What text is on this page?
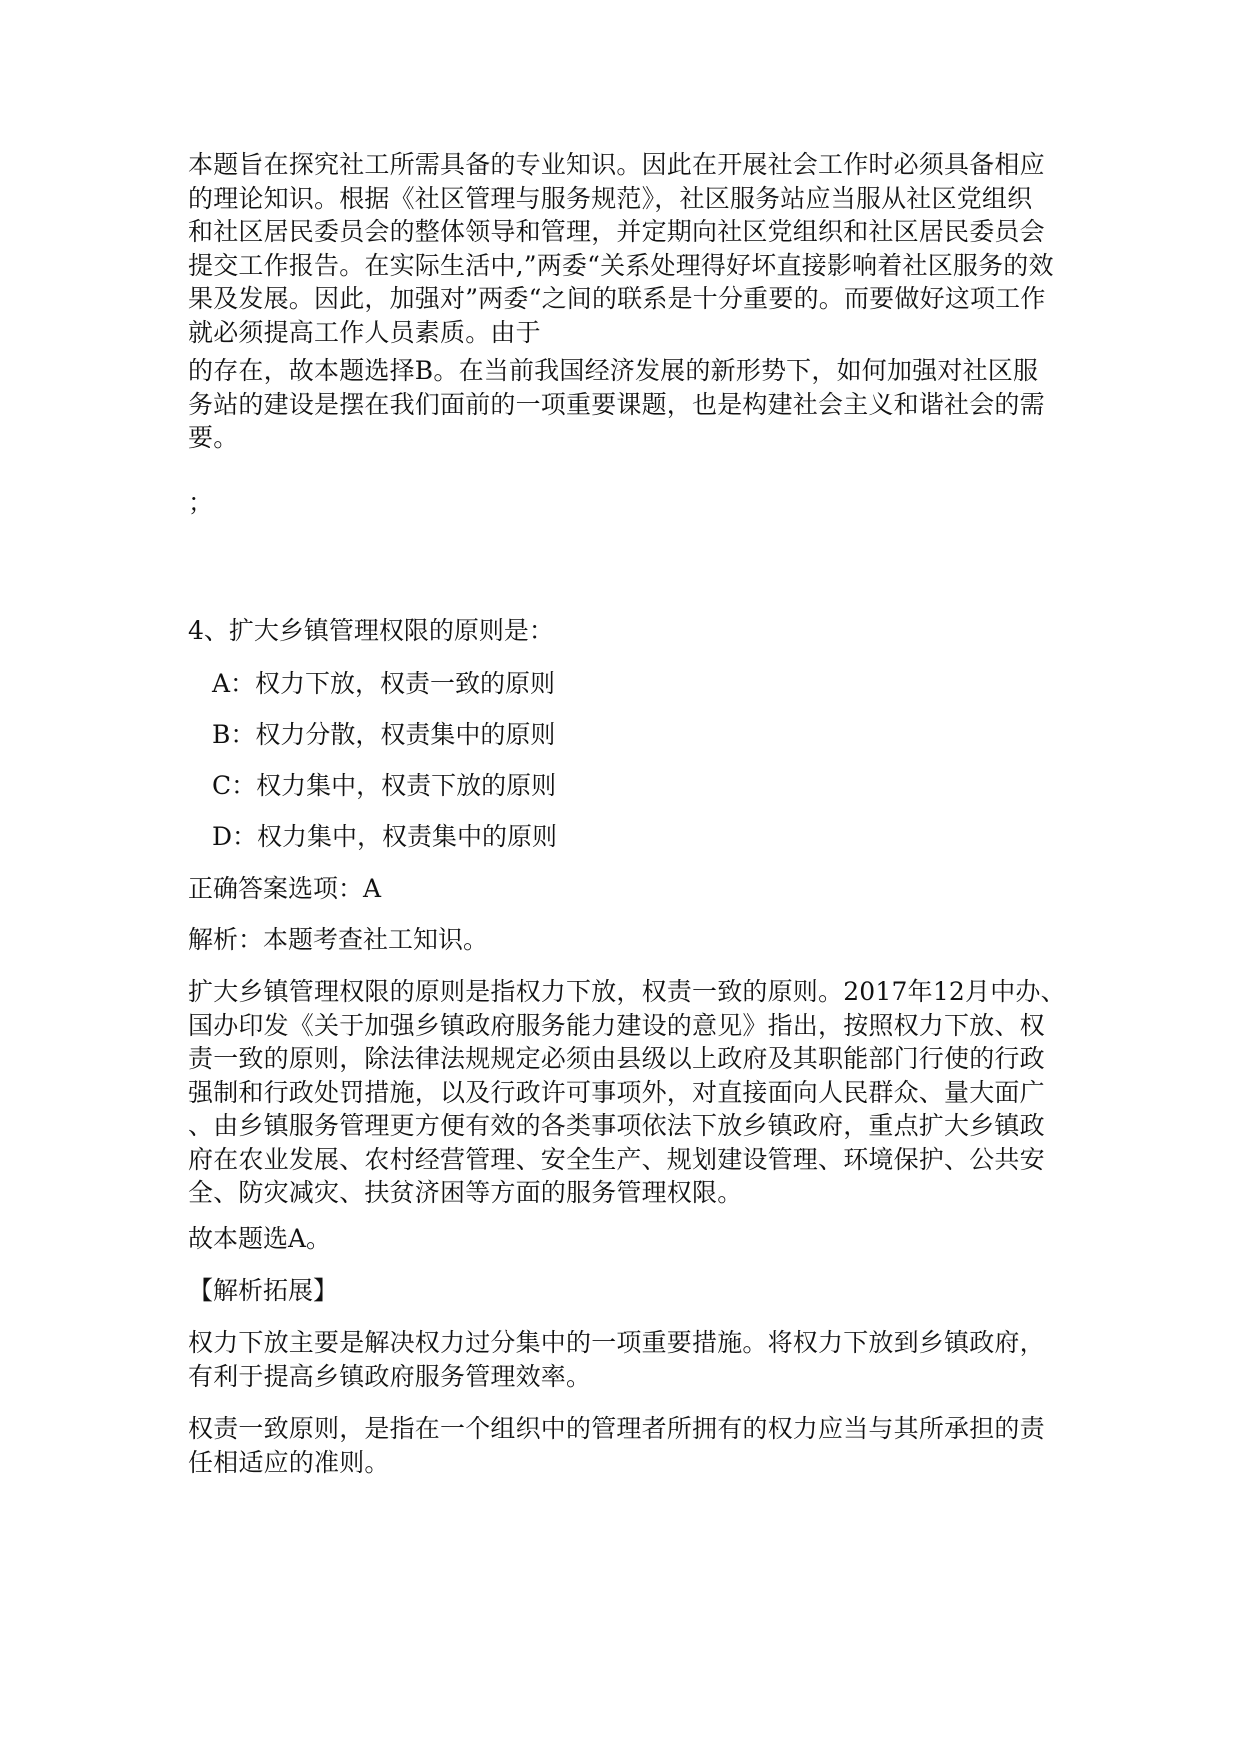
本题旨在探究社工所需具备的专业知识。因此在开展社会工作时必须具备相应
的理论知识。根据《社区管理与服务规范》，社区服务站应当服从社区党组织
和社区居民委员会的整体领导和管理，并定期向社区党组织和社区居民委员会
提交工作报告。在实际生活中,”两委“关系处理得好坏直接影响着社区服务的效
果及发展。因此，加强对”两委“之间的联系是十分重要的。而要做好这项工作
就必须提高工作人员素质。由于
的存在，故本题选择B。在当前我国经济发展的新形势下，如何加强对社区服
务站的建设是摆在我们面前的一项重要课题，也是构建社会主义和谐社会的需
要。
；
4、扩大乡镇管理权限的原则是：
A：权力下放，权责一致的原则
B：权力分散，权责集中的原则
C：权力集中，权责下放的原则
D：权力集中，权责集中的原则
正确答案选项：A
解析：本题考查社工知识。
扩大乡镇管理权限的原则是指权力下放，权责一致的原则。2017年12月中办、
国办印发《关于加强乡镇政府服务能力建设的意见》指出，按照权力下放、权
责一致的原则，除法律法规规定必须由县级以上政府及其职能部门行使的行政
强制和行政处罚措施，以及行政许可事项外，对直接面向人民群众、量大面广
、由乡镇服务管理更方便有效的各类事项依法下放乡镇政府，重点扩大乡镇政
府在农业发展、农村经营管理、安全生产、规划建设管理、环境保护、公共安
全、防灾减灾、扶贫济困等方面的服务管理权限。
故本题选A。
【解析拓展】
权力下放主要是解决权力过分集中的一项重要措施。将权力下放到乡镇政府，
有利于提高乡镇政府服务管理效率。
权责一致原则，是指在一个组织中的管理者所拥有的权力应当与其所承担的责
任相适应的准则。
